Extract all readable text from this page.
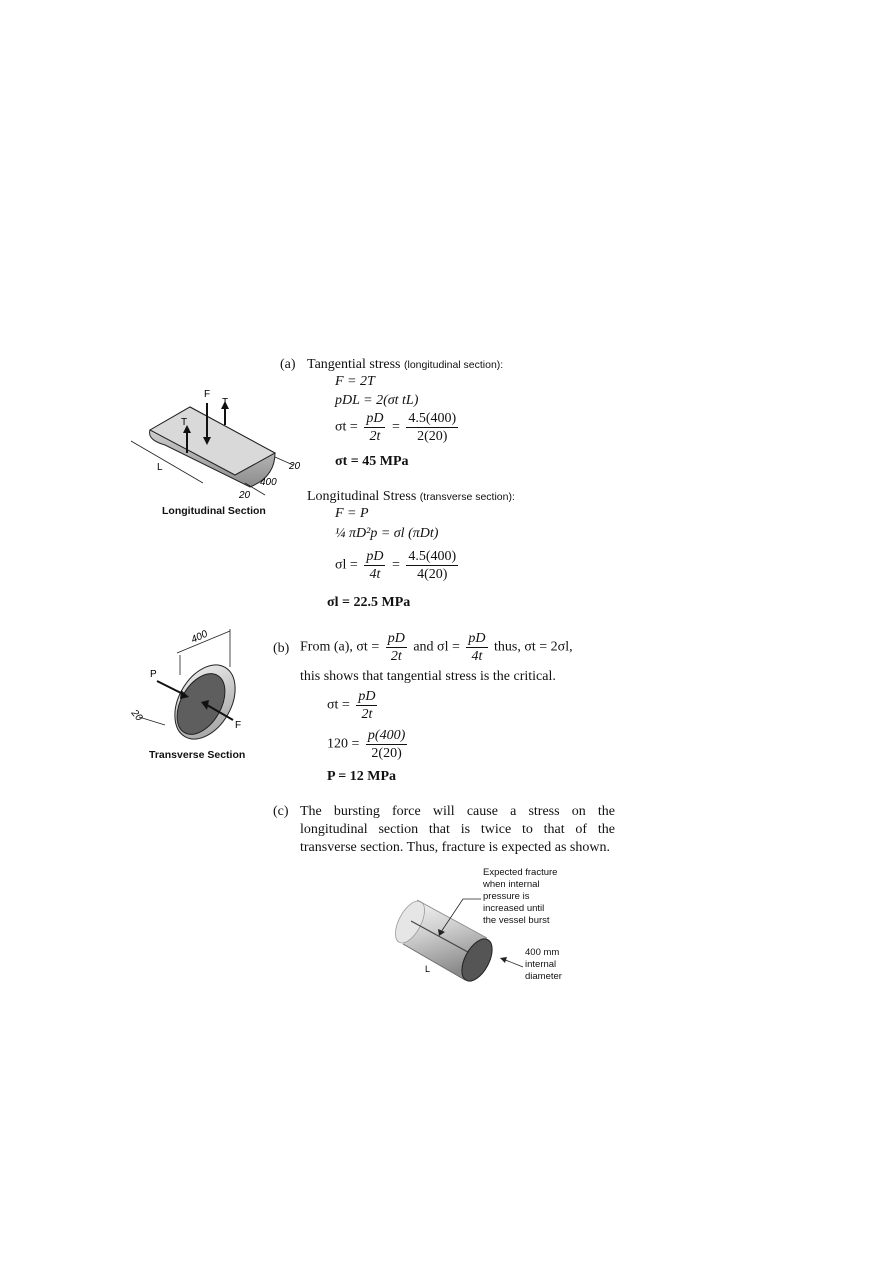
(a) Tangential stress (longitudinal section):
F = 2T
pDL = 2(σt tL)
$\sigma t = \frac{pD}{2t} = \frac{4.5(400)}{2(20)}$
σt = 45 MPa
Longitudinal Stress (transverse section):
F = P
¼ πD²p = σl (πDt)
$\sigma l = \frac{pD}{4t} = \frac{4.5(400)}{4(20)}$
σl = 22.5 MPa
F
T
T
L
400
20
20
Longitudinal Section
(b) From (a), $\sigma t = \frac{pD}{2t}$ and $\sigma l = \frac{pD}{4t}$ thus, σt = 2σl,
this shows that tangential stress is the critical.
$\sigma t = \frac{pD}{2t}$
$120 = \frac{p(400)}{2(20)}$
P = 12 MPa
P
F
400
20
Transverse Section
(c) The bursting force will cause a stress on the longitudinal section that is twice to that of the transverse section. Thus, fracture is expected as shown.
L
Expected fracture
when internal
pressure is
increased until
the vessel burst
400 mm
internal
diameter
